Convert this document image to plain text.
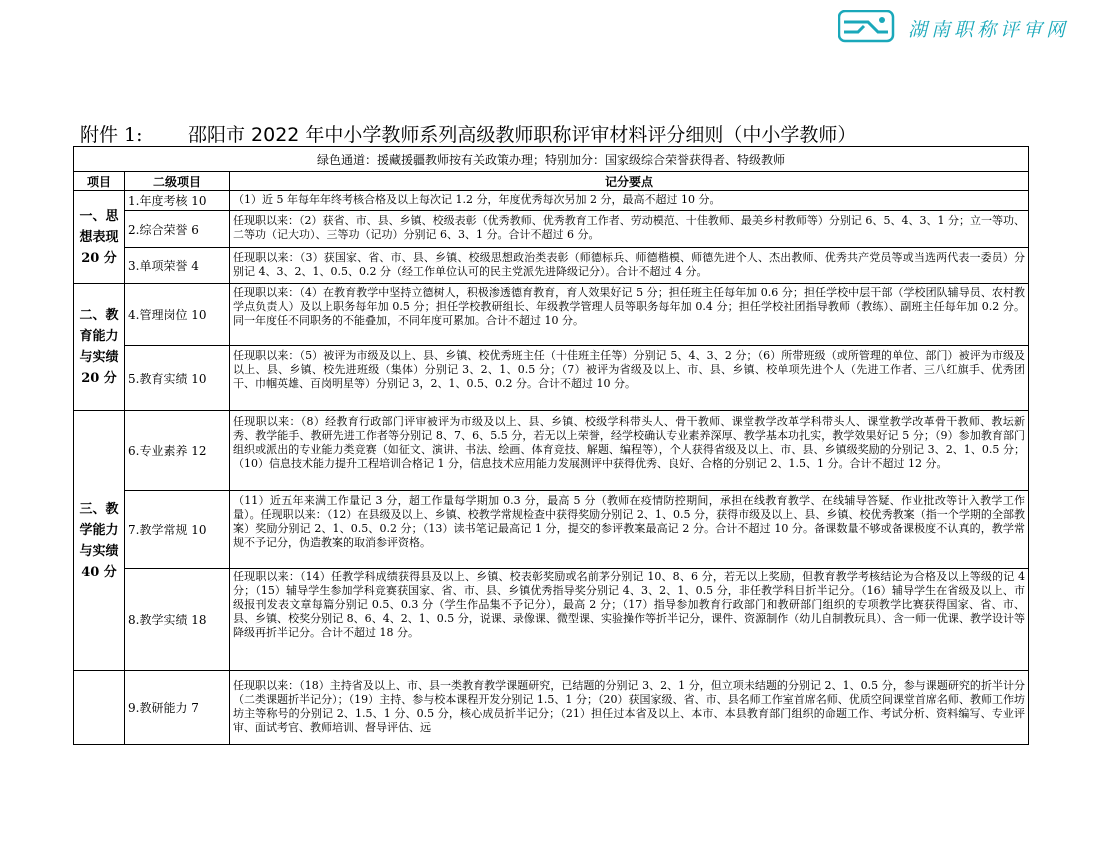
湖南职称评审网
附件 1: 邵阳市 2022 年中小学教师系列高级教师职称评审材料评分细则（中小学教师）
绿色通道：援藏援疆教师按有关政策办理；特别加分：国家级综合荣誉获得者、特级教师		
项目	二级项目	记分要点

一、思想表现
20 分	1.年度考核 10	（1）近 5 年每年年终考核合格及以上每次记 1.2 分，年度优秀每次另加 2 分，最高不超过 10 分。

	2.综合荣誉 6	任现职以来：（2）获省、市、县、乡镇、校级表彰（优秀教师、优秀教育工作者、劳动模范、十佳教师、最美乡村教师等）分别记 6、5、4、3、1 分；立一等功、二等功（记大功）、三等功（记功）分别记 6、3、1 分。合计不超过 6 分。

	3.单项荣誉 4	任现职以来：（3）获国家、省、市、县、乡镇、校级思想政治类表彰（师德标兵、师德楷模、师德先进个人、杰出教师、优秀共产党员等或当选两代表一委员）分别记 4、3、2、1、0.5、0.2 分（经工作单位认可的民主党派先进降级记分）。合计不超过 4 分。

二、教育能力与实绩
20 分	4.管理岗位 10	任现职以来：（4）在教育教学中坚持立德树人，积极渗透德育教育，育人效果好记 5 分；担任班主任每年加 0.6 分；担任学校中层干部（学校团队辅导员、农村教学点负责人）及以上职务每年加 0.5 分；担任学校教研组长、年级教学管理人员等职务每年加 0.4 分；担任学校社团指导教师（教练）、副班主任每年加 0.2 分。同一年度任不同职务的不能叠加，不同年度可累加。合计不超过 10 分。

	5.教育实绩 10	任现职以来：（5）被评为市级及以上、县、乡镇、校优秀班主任（十佳班主任等）分别记 5、4、3、2 分；（6）所带班级（或所管理的单位、部门）被评为市级及以上、县、乡镇、校先进班级（集体）分别记 3、2、1、0.5 分；（7）被评为省级及以上、市、县、乡镇、校单项先进个人（先进工作者、三八红旗手、优秀团干、巾帼英雄、百岗明星等）分别记 3，2、1、0.5、0.2 分。合计不超过 10 分。

三、教学能力与实绩
40 分	6.专业素养 12	任现职以来：（8）经教育行政部门评审被评为市级及以上、县、乡镇、校级学科带头人、骨干教师、课堂教学改革学科带头人、课堂教学改革骨干教师、教坛新秀、教学能手、教研先进工作者等分别记 8、7、6、5.5 分，若无以上荣誉，经学校确认专业素养深厚、教学基本功扎实，教学效果好记 5 分；（9）参加教育部门组织或派出的专业能力类竞赛（如征文、演讲、书法、绘画、体育竞技、解题、编程等），个人获得省级及以上、市、县、乡镇级奖励的分别记 3、2、1、0.5 分；（10）信息技术能力提升工程培训合格记 1 分，信息技术应用能力发展测评中获得优秀、良好、合格的分别记 2、1.5、1 分。合计不超过 12 分。

	7.教学常规 10	（11）近五年来满工作量记 3 分，超工作量每学期加 0.3 分，最高 5 分（教师在疫情防控期间，承担在线教育教学、在线辅导答疑、作业批改等计入教学工作量）。任现职以来：（12）在县级及以上、乡镇、校教学常规检查中获得奖励分别记 2、1、0.5 分，获得市级及以上、县、乡镇、校优秀教案（指一个学期的全部教案）奖励分别记 2、1、0.5、0.2 分；（13）读书笔记最高记 1 分，提交的参评教案最高记 2 分。合计不超过 10 分。备课数量不够或备课极度不认真的，教学常规不予记分，伪造教案的取消参评资格。

	8.教学实绩 18	任现职以来：（14）任教学科成绩获得县及以上、乡镇、校表彰奖励或名前茅分别记 10、8、6 分，若无以上奖励，但教育教学考核结论为合格及以上等级的记 4 分；（15）辅导学生参加学科竞赛获国家、省、市、县、乡镇优秀指导奖分别记 4、3、2、1、0.5 分，非任教学科目折半记分。（16）辅导学生在省级及以上、市级报刊发表文章每篇分别记 0.5、0.3 分（学生作品集不予记分），最高 2 分；（17）指导参加教育行政部门和教研部门组织的专项教学比赛获得国家、省、市、县、乡镇、校奖分别记 8、6、4、2、1、0.5 分，说课、录像课、微型课、实验操作等折半记分，课件、资源制作（幼儿自制教玩具）、含一师一优课、教学设计等降级再折半记分。合计不超过 18 分。

	9.教研能力 7	任现职以来：（18）主持省及以上、市、县一类教育教学课题研究，已结题的分别记 3、2、1 分，但立项未结题的分别记 2、1、0.5 分，参与课题研究的折半计分（二类课题折半记分）；（19）主持、参与校本课程开发分别记 1.5、1 分；（20）获国家级、省、市、县名师工作室首席名师、优质空间课堂首席名师、教师工作坊坊主等称号的分别记 2、1.5、1 分、0.5 分，核心成员折半记分；（21）担任过本省及以上、本市、本县教育部门组织的命题工作、考试分析、资料编写、专业评审、面试考官、教师培训、督导评估、远
